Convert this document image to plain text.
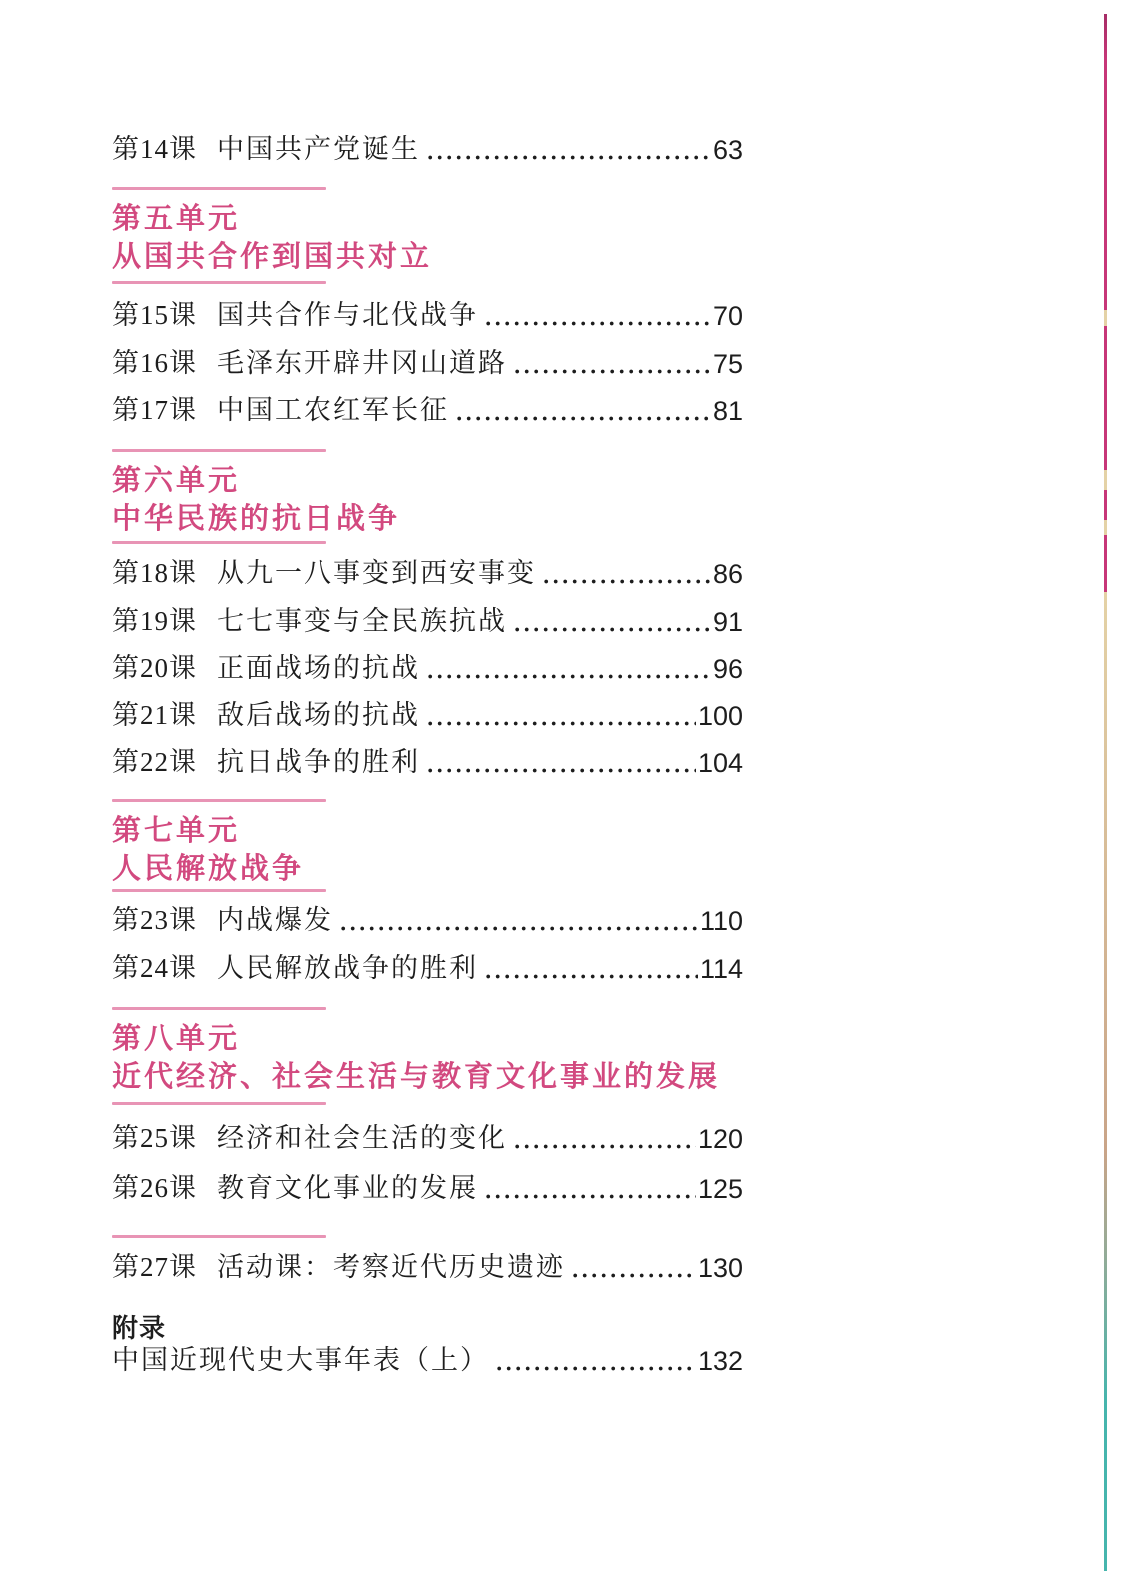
第14课 中国共产党诞生	63
第五单元
从国共合作到国共对立
第15课 国共合作与北伐战争	70
第16课 毛泽东开辟井冈山道路	75
第17课 中国工农红军长征	81
第六单元
中华民族的抗日战争
第18课 从九一八事变到西安事变	86
第19课 七七事变与全民族抗战	91
第20课 正面战场的抗战	96
第21课 敌后战场的抗战	100
第22课 抗日战争的胜利	104
第七单元
人民解放战争
第23课 内战爆发	110
第24课 人民解放战争的胜利	114
第八单元
近代经济、社会生活与教育文化事业的发展
第25课 经济和社会生活的变化	120
第26课 教育文化事业的发展	125
第27课 活动课：考察近代历史遗迹	130
附录
中国近现代史大事年表（上）	132
